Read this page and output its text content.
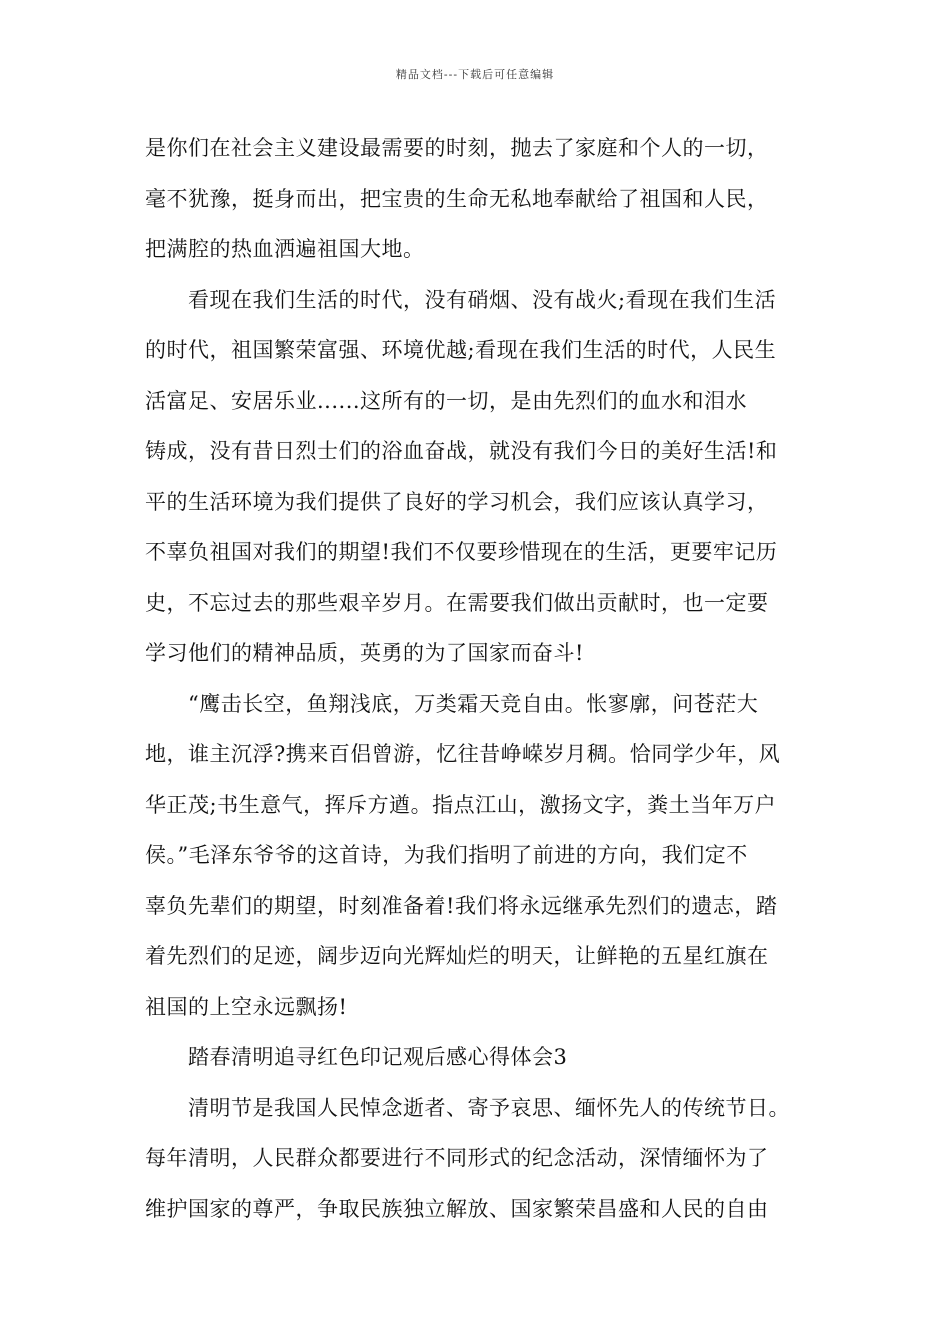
精品文档---下载后可任意编辑
是你们在社会主义建设最需要的时刻，抛去了家庭和个人的一切，
毫不犹豫，挺身而出，把宝贵的生命无私地奉献给了祖国和人民，
把满腔的热血洒遍祖国大地。
看现在我们生活的时代，没有硝烟、没有战火;看现在我们生活
的时代，祖国繁荣富强、环境优越;看现在我们生活的时代，人民生
活富足、安居乐业......这所有的一切，是由先烈们的血水和泪水
铸成，没有昔日烈士们的浴血奋战，就没有我们今日的美好生活!和
平的生活环境为我们提供了良好的学习机会，我们应该认真学习，
不辜负祖国对我们的期望!我们不仅要珍惜现在的生活，更要牢记历
史，不忘过去的那些艰辛岁月。在需要我们做出贡献时，也一定要
学习他们的精神品质，英勇的为了国家而奋斗!
“鹰击长空，鱼翔浅底，万类霜天竞自由。怅寥廓，问苍茫大
地，谁主沉浮?携来百侣曾游，忆往昔峥嵘岁月稠。恰同学少年，风
华正茂;书生意气，挥斥方遒。指点江山，激扬文字，粪土当年万户
侯。”毛泽东爷爷的这首诗，为我们指明了前进的方向，我们定不
辜负先辈们的期望，时刻准备着!我们将永远继承先烈们的遗志，踏
着先烈们的足迹，阔步迈向光辉灿烂的明天，让鲜艳的五星红旗在
祖国的上空永远飘扬!
踏春清明追寻红色印记观后感心得体会3
清明节是我国人民悼念逝者、寄予哀思、缅怀先人的传统节日。
每年清明，人民群众都要进行不同形式的纪念活动，深情缅怀为了
维护国家的尊严，争取民族独立解放、国家繁荣昌盛和人民的自由
